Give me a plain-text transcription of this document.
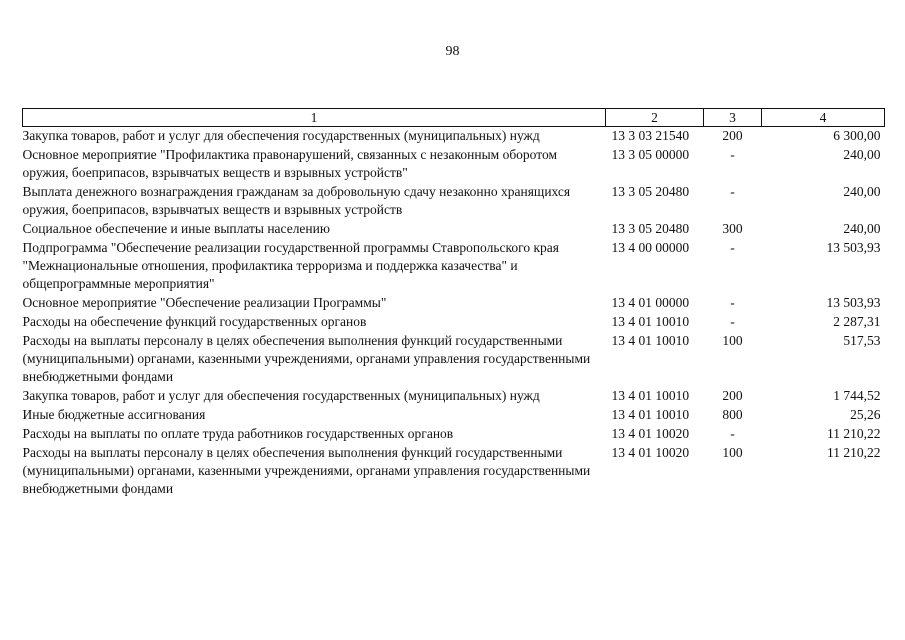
98
1	2	3	4
Закупка товаров, работ и услуг для обеспечения государственных (муниципальных) нужд	13 3 03 21540	200	6 300,00
Основное мероприятие "Профилактика правонарушений, связанных с незаконным оборотом оружия, боеприпасов, взрывчатых веществ и взрывных устройств"	13 3 05 00000	-	240,00
Выплата денежного вознаграждения гражданам за добровольную сдачу незаконно хранящихся оружия, боеприпасов, взрывчатых веществ и взрывных устройств	13 3 05 20480	-	240,00
Социальное обеспечение и иные выплаты населению	13 3 05 20480	300	240,00
Подпрограмма "Обеспечение реализации государственной программы Ставропольского края "Межнациональные отношения, профилактика терроризма и поддержка казачества" и общепрограммные мероприятия"	13 4 00 00000	-	13 503,93
Основное мероприятие "Обеспечение реализации Программы"	13 4 01 00000	-	13 503,93
Расходы на обеспечение функций государственных органов	13 4 01 10010	-	2 287,31
Расходы на выплаты персоналу в целях обеспечения выполнения функций государственными (муниципальными) органами, казенными учреждениями, органами управления государственными внебюджетными фондами	13 4 01 10010	100	517,53
Закупка товаров, работ и услуг для обеспечения государственных (муниципальных) нужд	13 4 01 10010	200	1 744,52
Иные бюджетные ассигнования	13 4 01 10010	800	25,26
Расходы на выплаты по оплате труда работников государственных органов	13 4 01 10020	-	11 210,22
Расходы на выплаты персоналу в целях обеспечения выполнения функций государственными (муниципальными) органами, казенными учреждениями, органами управления государственными внебюджетными фондами	13 4 01 10020	100	11 210,22
